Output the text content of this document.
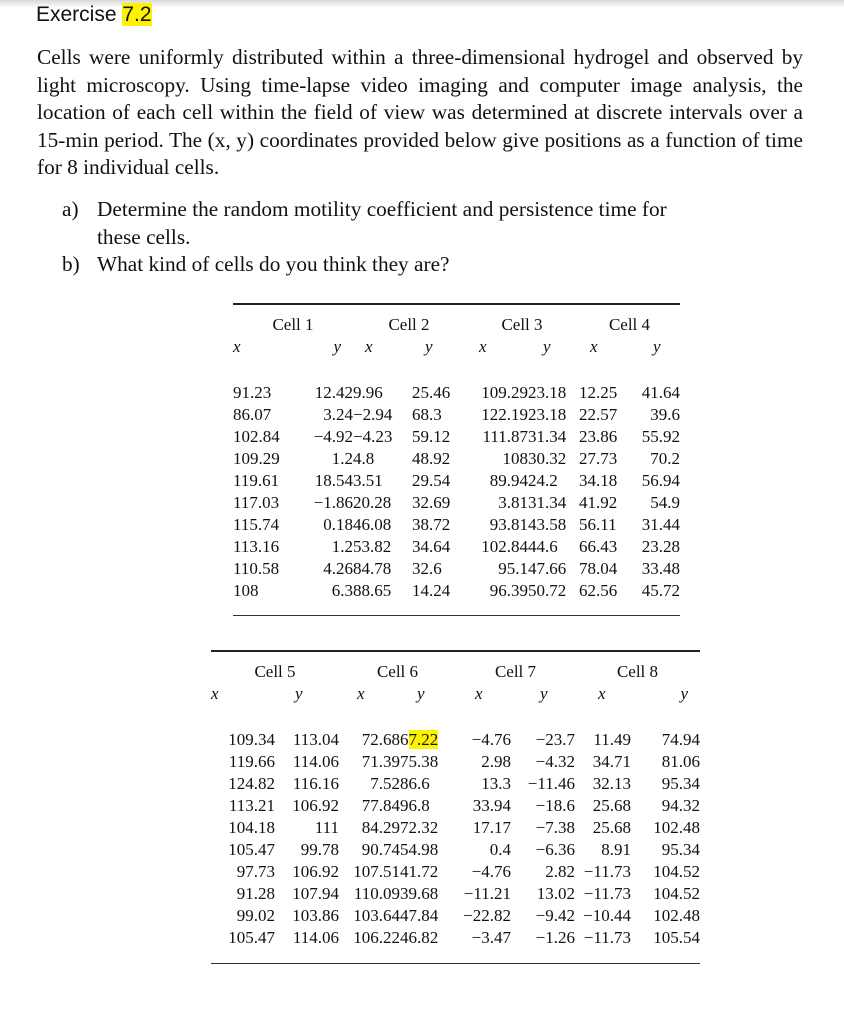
Exercise 7.2

Cells were uniformly distributed within a three-dimensional hydrogel and observed by light microscopy. Using time-lapse video imaging and computer image analysis, the location of each cell within the field of view was determined at discrete intervals over a 15-min period. The (x, y) coordinates provided below give positions as a function of time for 8 individual cells.

a) Determine the random motility coefficient and persistence time for
these cells.
b) What kind of cells do you think they are?
Cell 1		Cell 2		Cell 3		Cell 4	
x	y	x	y	x	y	x	y
91.23	12.42	9.96	25.46	109.29	23.18	12.25	41.64
86.07	3.24	−2.94	68.3	122.19	23.18	22.57	39.6
102.84	−4.92	−4.23	59.12	111.87	31.34	23.86	55.92
109.29	1.2	4.8	48.92	108	30.32	27.73	70.2
119.61	18.54	3.51	29.54	89.94	24.2	34.18	56.94
117.03	−1.86	20.28	32.69	3.81	31.34	41.92	54.9
115.74	0.18	46.08	38.72	93.81	43.58	56.11	31.44
113.16	1.2	53.82	34.64	102.84	44.6	66.43	23.28
110.58	4.26	84.78	32.6	95.1	47.66	78.04	33.48
108	6.3	88.65	14.24	96.39	50.72	62.56	45.72
Cell 5		Cell 6		Cell 7		Cell 8	
x	y	x	y	x	y	x	y
109.34	113.04	72.68	67.22	−4.76	−23.7	11.49	74.94
119.66	114.06	71.39	75.38	2.98	−4.32	34.71	81.06
124.82	116.16	7.52	86.6	13.3	−11.46	32.13	95.34
113.21	106.92	77.84	96.8	33.94	−18.6	25.68	94.32
104.18	111	84.29	72.32	17.17	−7.38	25.68	102.48
105.47	99.78	90.74	54.98	0.4	−6.36	8.91	95.34
97.73	106.92	107.51	41.72	−4.76	2.82	−11.73	104.52
91.28	107.94	110.09	39.68	−11.21	13.02	−11.73	104.52
99.02	103.86	103.64	47.84	−22.82	−9.42	−10.44	102.48
105.47	114.06	106.22	46.82	−3.47	−1.26	−11.73	105.54
